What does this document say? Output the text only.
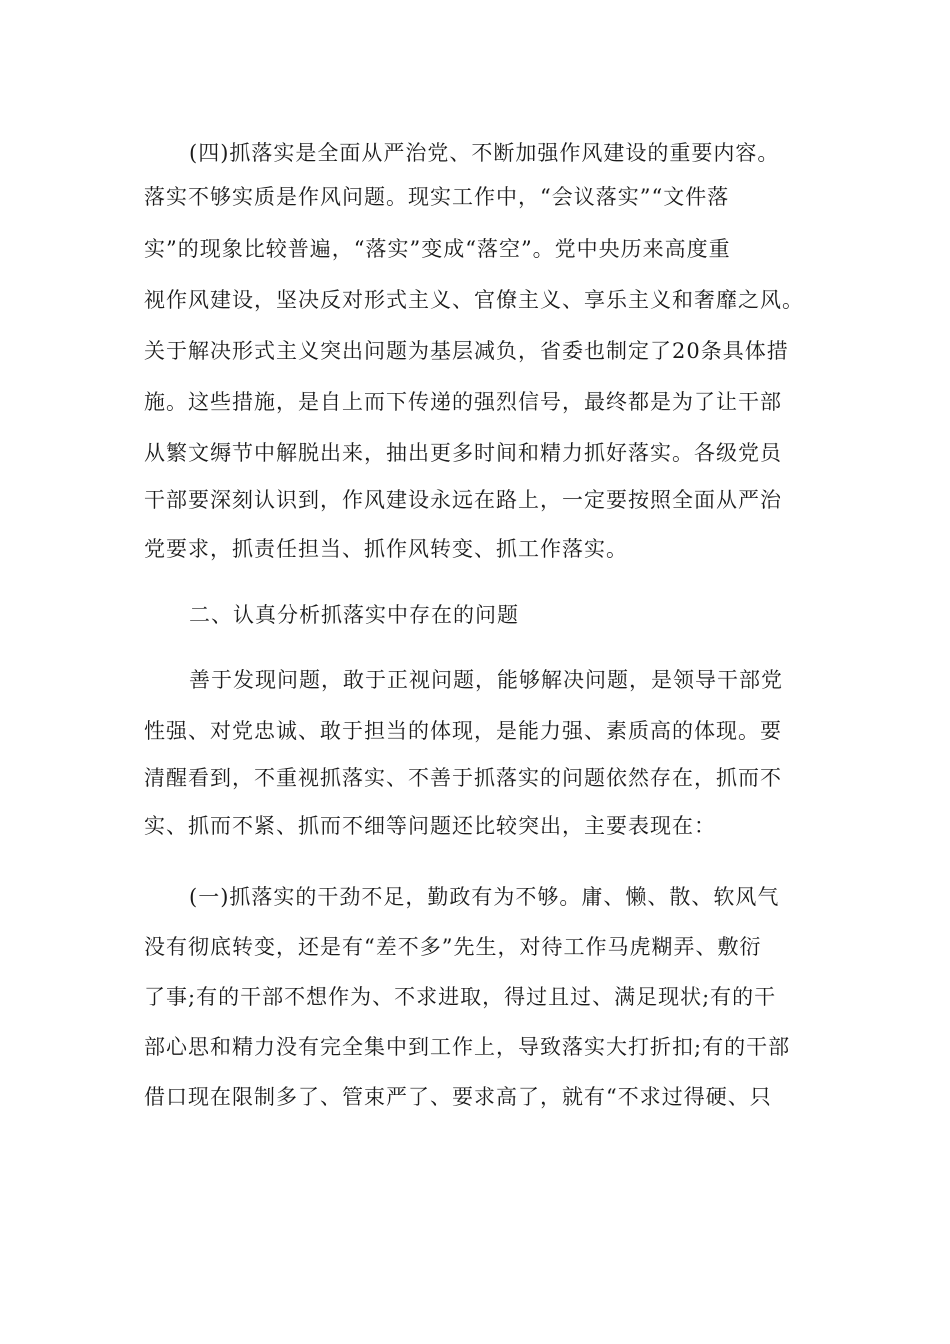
(四)抓落实是全面从严治党、不断加强作风建设的重要内容。
落实不够实质是作风问题。现实工作中，“会议落实”“文件落
实”的现象比较普遍，“落实”变成“落空”。党中央历来高度重
视作风建设，坚决反对形式主义、官僚主义、享乐主义和奢靡之风。
关于解决形式主义突出问题为基层减负，省委也制定了20条具体措
施。这些措施，是自上而下传递的强烈信号，最终都是为了让干部
从繁文缛节中解脱出来，抽出更多时间和精力抓好落实。各级党员
干部要深刻认识到，作风建设永远在路上，一定要按照全面从严治
党要求，抓责任担当、抓作风转变、抓工作落实。
二、认真分析抓落实中存在的问题
善于发现问题，敢于正视问题，能够解决问题，是领导干部党
性强、对党忠诚、敢于担当的体现，是能力强、素质高的体现。要
清醒看到，不重视抓落实、不善于抓落实的问题依然存在，抓而不
实、抓而不紧、抓而不细等问题还比较突出，主要表现在：
(一)抓落实的干劲不足，勤政有为不够。庸、懒、散、软风气
没有彻底转变，还是有“差不多”先生，对待工作马虎糊弄、敷衍
了事;有的干部不想作为、不求进取，得过且过、满足现状;有的干
部心思和精力没有完全集中到工作上，导致落实大打折扣;有的干部
借口现在限制多了、管束严了、要求高了，就有“不求过得硬、只
